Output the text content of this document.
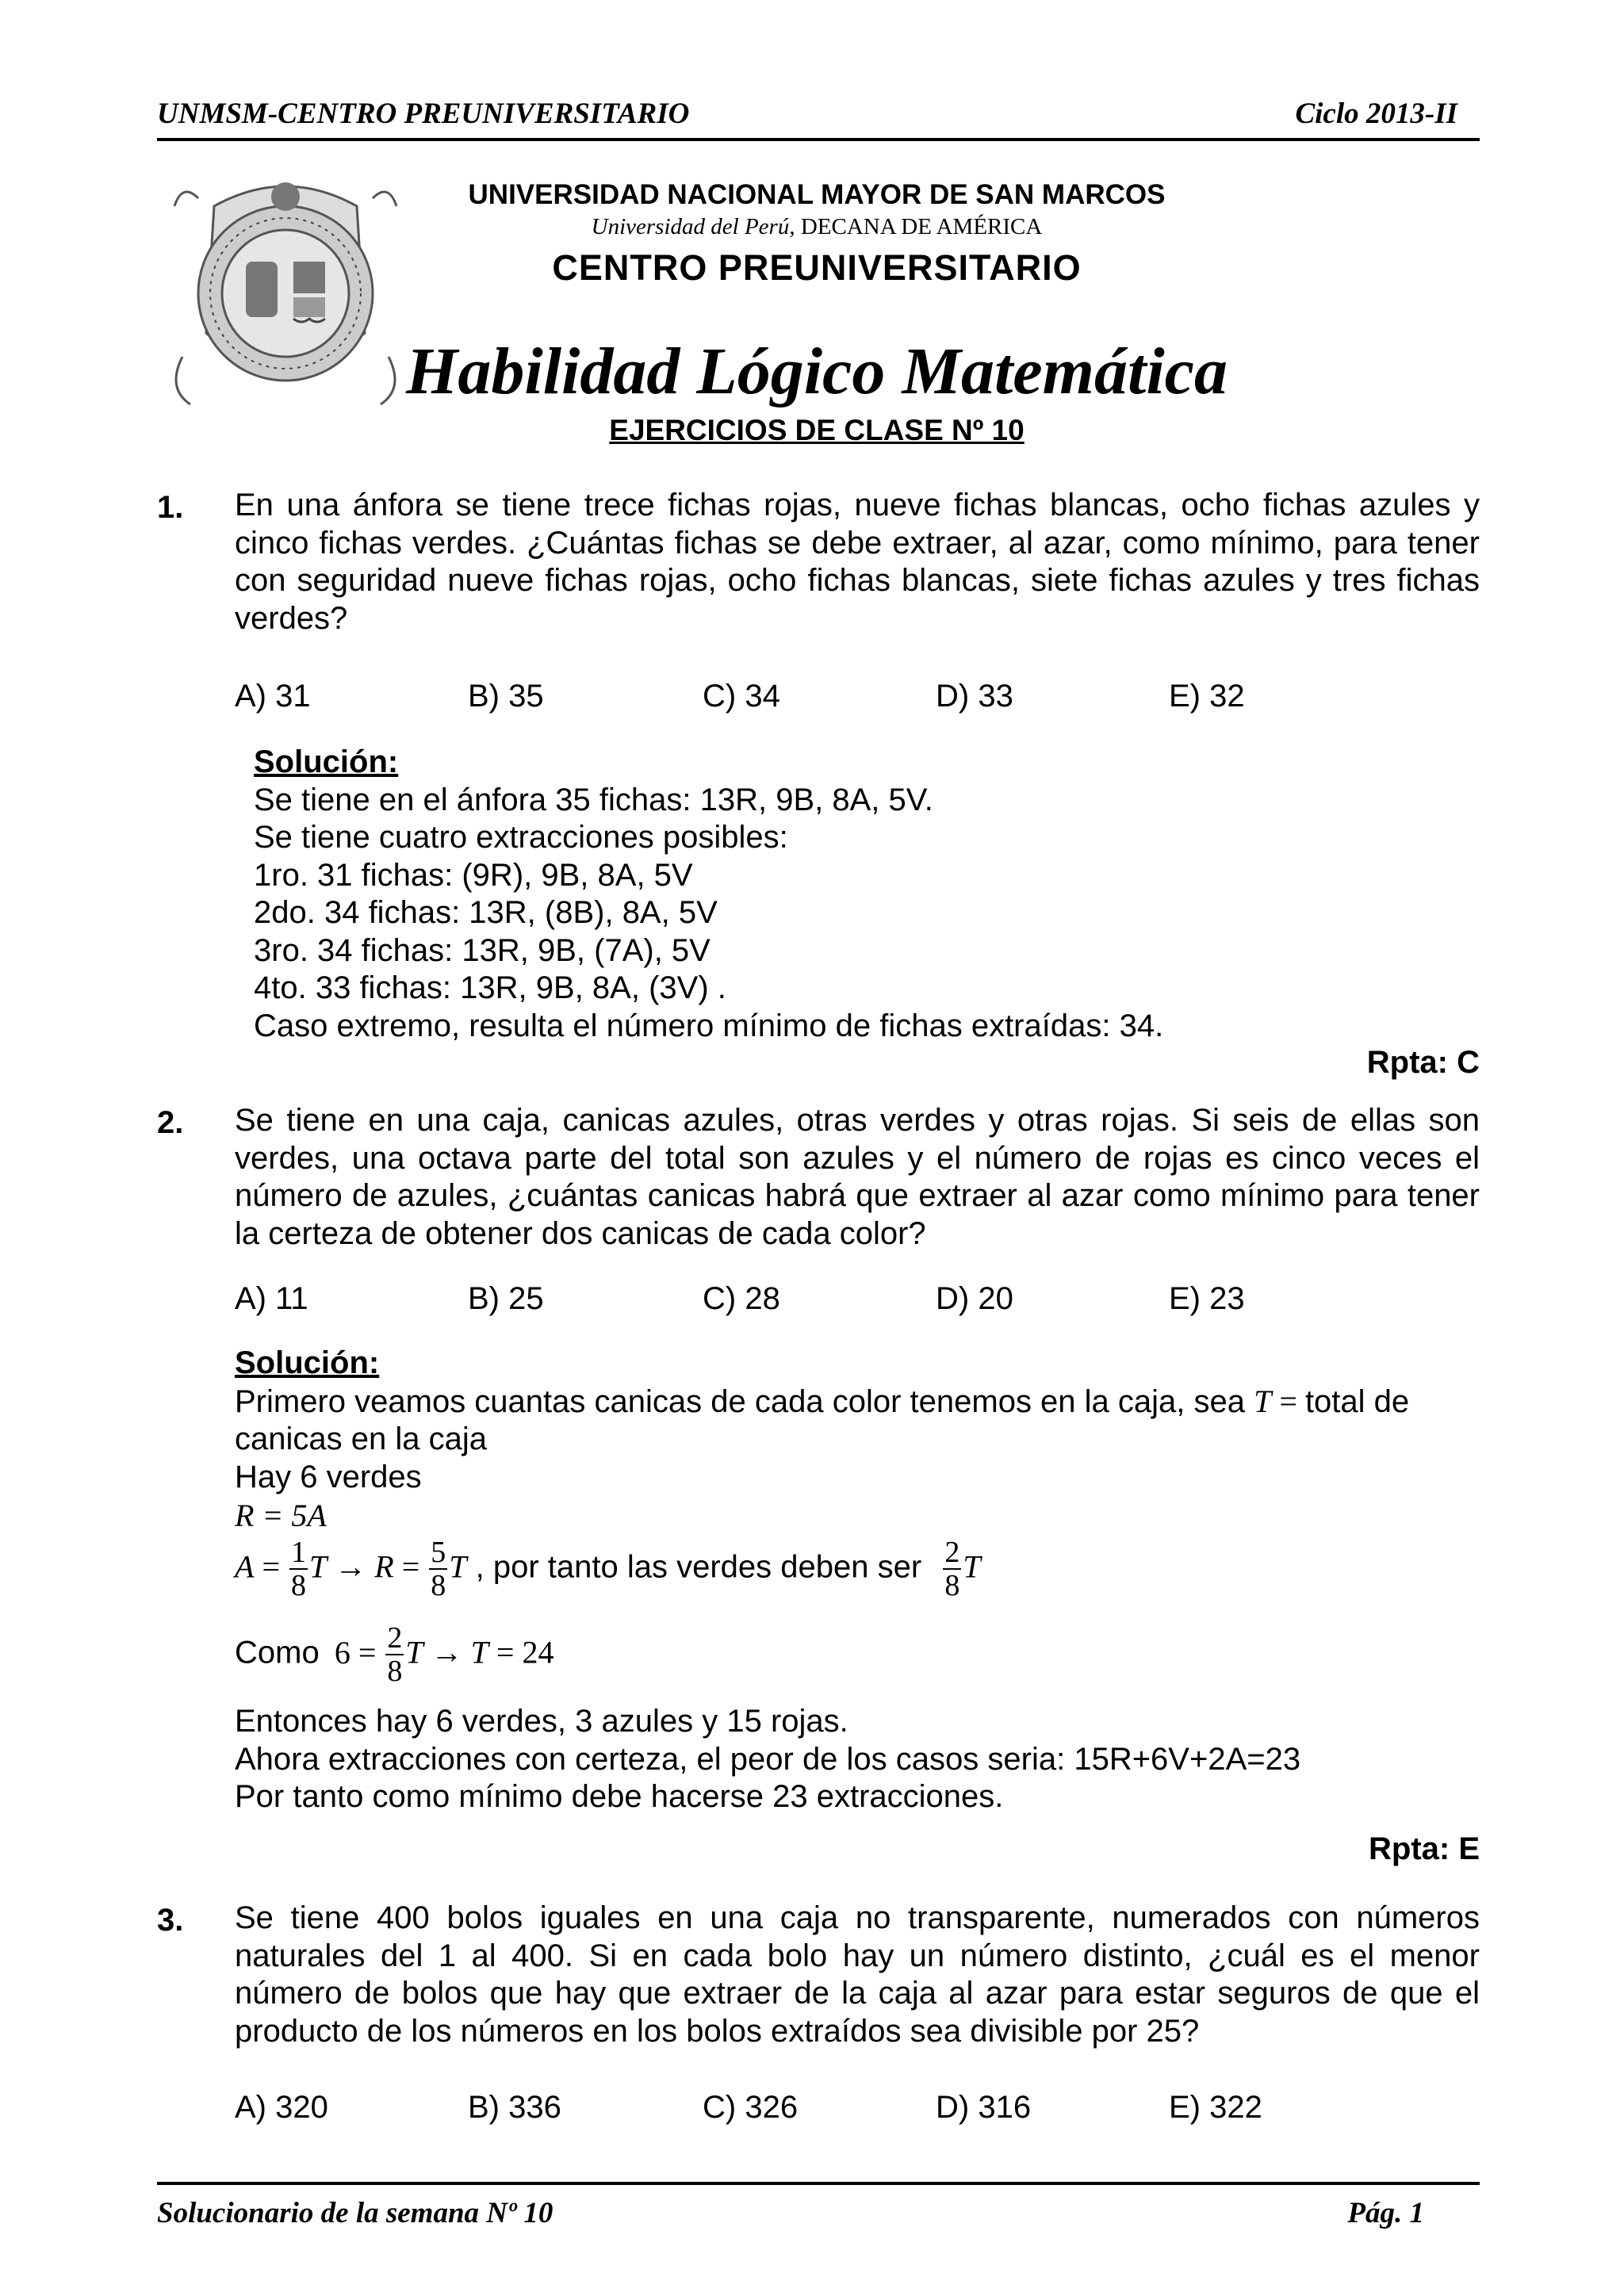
UNMSM-CENTRO PREUNIVERSITARIO	Ciclo 2013-II
UNIVERSIDAD NACIONAL MAYOR DE SAN MARCOS
Universidad del Perú, DECANA DE AMÉRICA
CENTRO PREUNIVERSITARIO
Habilidad Lógico Matemática
EJERCICIOS DE CLASE Nº 10
1. En una ánfora se tiene trece fichas rojas, nueve fichas blancas, ocho fichas azules y cinco fichas verdes. ¿Cuántas fichas se debe extraer, al azar, como mínimo, para tener con seguridad nueve fichas rojas, ocho fichas blancas, siete fichas azules y tres fichas verdes?
A) 31	B) 35	C) 34	D) 33	E) 32
Solución:
Se tiene en el ánfora 35 fichas: 13R, 9B, 8A, 5V.
Se tiene cuatro extracciones posibles:
1ro. 31 fichas: (9R), 9B, 8A, 5V
2do. 34 fichas: 13R, (8B), 8A, 5V
3ro. 34 fichas: 13R, 9B, (7A), 5V
4to. 33 fichas: 13R, 9B, 8A, (3V) .
Caso extremo, resulta el número mínimo de fichas extraídas: 34.
Rpta: C
2. Se tiene en una caja, canicas azules, otras verdes y otras rojas. Si seis de ellas son verdes, una octava parte del total son azules y el número de rojas es cinco veces el número de azules, ¿cuántas canicas habrá que extraer al azar como mínimo para tener la certeza de obtener dos canicas de cada color?
A) 11	B) 25	C) 28	D) 20	E) 23
Solución:
Primero veamos cuantas canicas de cada color tenemos en la caja, sea T = total de
canicas en la caja
Hay 6 verdes
R = 5A
$A = \frac{1}{8}$ $T \to R = \frac{5}{8}$ T , por tanto las verdes deben ser $\frac{2}{8}$ T
Como $6 = \frac{2}{8}$ T → T = 24
Entonces hay 6 verdes, 3 azules y 15 rojas.
Ahora extracciones con certeza, el peor de los casos seria: 15R+6V+2A=23
Por tanto como mínimo debe hacerse 23 extracciones.
Rpta: E
3. Se tiene 400 bolos iguales en una caja no transparente, numerados con números naturales del 1 al 400. Si en cada bolo hay un número distinto, ¿cuál es el menor número de bolos que hay que extraer de la caja al azar para estar seguros de que el producto de los números en los bolos extraídos sea divisible por 25?
A) 320	B) 336	C) 326	D) 316	E) 322
Solucionario de la semana Nº 10	Pág. 1
